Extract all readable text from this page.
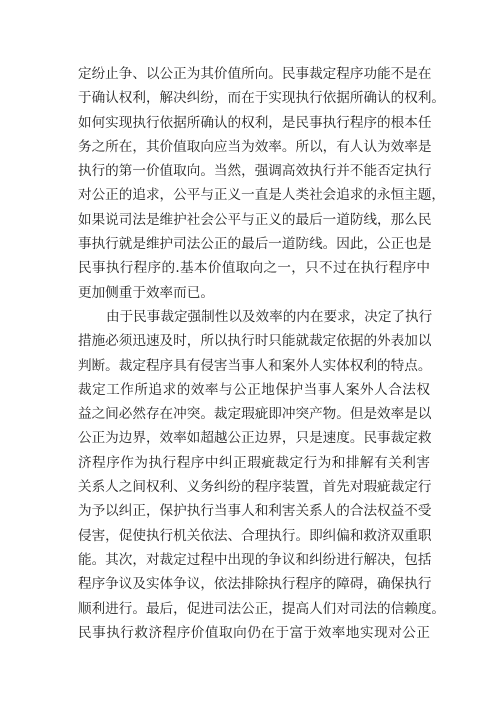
定纷止争、以公正为其价值所向。民事裁定程序功能不是在
于确认权利，解决纠纷，而在于实现执行依据所确认的权利。
如何实现执行依据所确认的权利，是民事执行程序的根本任
务之所在，其价值取向应当为效率。所以，有人认为效率是
执行的第一价值取向。当然，强调高效执行并不能否定执行
对公正的追求，公平与正义一直是人类社会追求的永恒主题，
如果说司法是维护社会公平与正义的最后一道防线，那么民
事执行就是维护司法公正的最后一道防线。因此，公正也是
民事执行程序的.基本价值取向之一，只不过在执行程序中
更加侧重于效率而已。
由于民事裁定强制性以及效率的内在要求，决定了执行
措施必须迅速及时，所以执行时只能就裁定依据的外表加以
判断。裁定程序具有侵害当事人和案外人实体权利的特点。
裁定工作所追求的效率与公正地保护当事人案外人合法权
益之间必然存在冲突。裁定瑕疵即冲突产物。但是效率是以
公正为边界，效率如超越公正边界，只是速度。民事裁定救
济程序作为执行程序中纠正瑕疵裁定行为和排解有关利害
关系人之间权利、义务纠纷的程序装置，首先对瑕疵裁定行
为予以纠正，保护执行当事人和利害关系人的合法权益不受
侵害，促使执行机关依法、合理执行。即纠偏和救济双重职
能。其次，对裁定过程中出现的争议和纠纷进行解决，包括
程序争议及实体争议，依法排除执行程序的障碍，确保执行
顺利进行。最后，促进司法公正，提高人们对司法的信赖度。
民事执行救济程序价值取向仍在于富于效率地实现对公正
